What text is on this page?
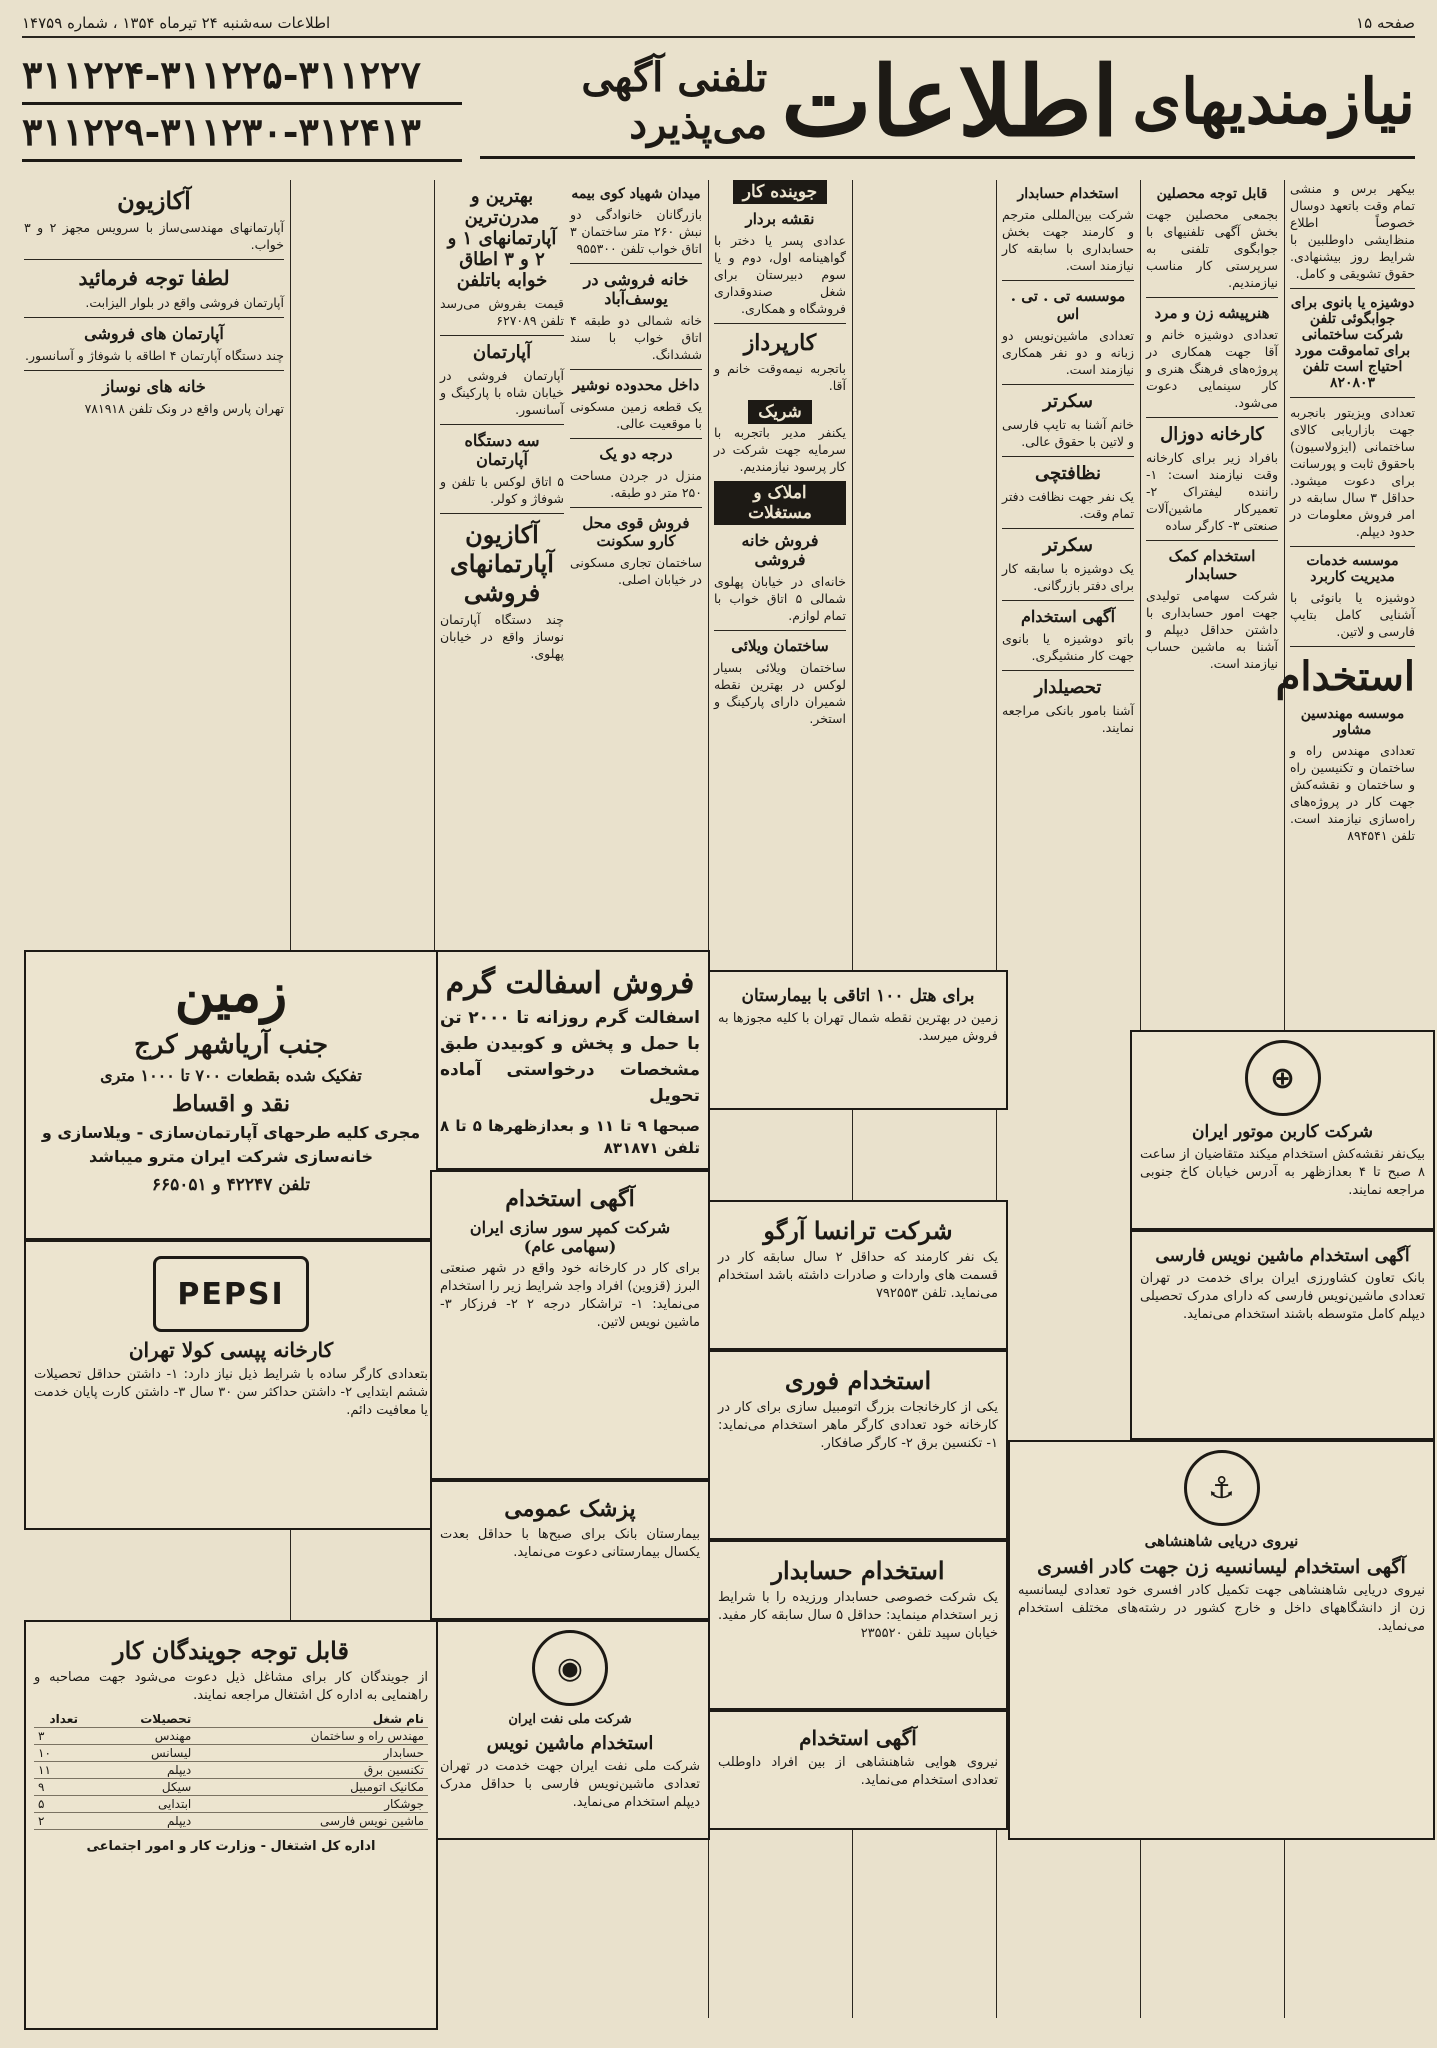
صفحه ۱۵
اطلاعات سه‌شنبه ۲۴ تیرماه ۱۳۵۴ ، شماره ۱۴۷۵۹
۳۱۱۲۲۴-۳۱۱۲۲۵-۳۱۱۲۲۷
۳۱۱۲۲۹-۳۱۱۲۳۰-۳۱۲۴۱۳	نیازمندیهای
اطلاعات
تلفنی آگهی می‌پذیرد

بیکهر برس و منشی تمام وقت باتعهد دوسال خصوصاً اطلاع منظ‌ایشی داوطلبین با شرایط روز بیشنهادی. حقوق تشویقی و کامل.

دوشیزه یا بانوی برای جوابگوئی تلفن شرکت ساختمانی برای تماموقت مورد احتیاج است تلفن ۸۲۰۸۰۳

تعدادی ویزیتور بانجربه جهت بازاریابی کالای ساختمانی (ایزولاسیون) باحقوق ثابت و پورسانت برای دعوت میشود. حداقل ۳ سال سابقه در امر فروش معلومات در حدود دیپلم.

موسسه خدمات مدیریت کاربرد

دوشیزه یا بانوئی با آشنایی کامل بتایپ فارسی و لاتین.

استخدام
موسسه مهندسین مشاور

تعدادی مهندس راه و ساختمان و تکنیسین راه و ساختمان و نقشه‌کش جهت کار در پروژه‌های راه‌سازی نیازمند است. تلفن ۸۹۴۵۴۱

قابل توجه محصلین

بجمعی محصلین جهت بخش آگهی تلفنیهای با جوابگوی تلفنی به سرپرستی کار مناسب نیازمندیم.

هنرپیشه زن و مرد

تعدادی دوشیزه خانم و آقا جهت همکاری در پروژه‌های فرهنگ هنری و کار سینمایی دعوت می‌شود.

کارخانه دوزال

بافراد زیر برای کارخانه وقت نیازمند است: ۱- راننده لیفتراک ۲- تعمیرکار ماشین‌آلات صنعتی ۳- کارگر ساده

استخدام کمک حسابدار

شرکت سهامی تولیدی جهت امور حسابداری با داشتن حداقل دیپلم و آشنا به ماشین حساب نیازمند است.

استخدام حسابدار

شرکت بین‌المللی مترجم و کارمند جهت بخش حسابداری با سابقه کار نیازمند است.

موسسه تی . تی . اس

تعدادی ماشین‌نویس دو زبانه و دو نفر همکاری نیازمند است.

سکرتر

خانم آشنا به تایپ فارسی و لاتین با حقوق عالی.

نظافتچی

یک نفر جهت نظافت دفتر تمام وقت.

سکرتر

یک دوشیزه با سابقه کار برای دفتر بازرگانی.

آگهی استخدام

باتو دوشیزه یا بانوی جهت کار منشیگری.

تحصیلدار

آشنا بامور بانکی مراجعه نمایند.

جوینده کار
نقشه بردار

عدادی پسر یا دختر با گواهینامه اول، دوم و یا سوم دبیرستان برای شغل صندوقداری فروشگاه و همکاری.

کارپرداز

باتجربه نیمه‌وقت خانم و آقا.

شریک

یکنفر مدیر باتجربه با سرمایه جهت شرکت در کار پرسود نیازمندیم.

املاک و مستغلات
فروش خانه فروشی

خانه‌ای در خیابان پهلوی شمالی ۵ اتاق خواب با تمام لوازم.

ساختمان ویلائی

ساختمان ویلائی بسیار لوکس در بهترین نقطه شمیران دارای پارکینگ و استخر.

میدان شهیاد کوی بیمه

بازرگانان خانوادگی دو نبش ۲۶۰ متر ساختمان ۳ اتاق خواب تلفن ۹۵۵۳۰۰

خانه فروشی در یوسف‌آباد

خانه شمالی دو طبقه ۴ اتاق خواب با سند ششدانگ.

داخل محدوده نوشیر

یک قطعه زمین مسکونی با موقعیت عالی.

درجه دو یک

منزل در جردن مساحت ۲۵۰ متر دو طبقه.

فروش قوی محل کارو سکونت

ساختمان تجاری مسکونی در خیابان اصلی.

بهترین و مدرن‌ترین آپارتمانهای ۱ و ۲ و ۳ اطاق خوابه باتلفن

قیمت بفروش می‌رسد تلفن ۶۲۷۰۸۹

آپارتمان

آپارتمان فروشی در خیابان شاه با پارکینگ و آسانسور.

سه دستگاه آپارتمان

۵ اتاق لوکس با تلفن و شوفاژ و کولر.

آکازیون آپارتمانهای فروشی

چند دستگاه آپارتمان نوساز واقع در خیابان پهلوی.

آکازیون

آپارتمانهای مهندسی‌ساز با سرویس مجهز ۲ و ۳ خواب.

لطفا توجه فرمائید

آپارتمان فروشی واقع در بلوار الیزابت.

آپارتمان های فروشی

چند دستگاه آپارتمان ۴ اطاقه با شوفاژ و آسانسور.

خانه های نوساز

تهران پارس واقع در ونک تلفن ۷۸۱۹۱۸

فروش اسفالت گرم

اسفالت گرم روزانه تا ۲۰۰۰ تن با حمل و پخش و کوبیدن طبق مشخصات درخواستی آماده تحویل

صبحها ۹ تا ۱۱ و بعدازظهرها ۵ تا ۸ تلفن ۸۳۱۸۷۱

زمین
جنب آریاشهر کرج
تفکیک شده بقطعات ۷۰۰ تا ۱۰۰۰ متری
نقد و اقساط

مجری کلیه طرحهای آپارتمان‌سازی - ویلاسازی و خانه‌سازی شرکت ایران مترو میباشد

تلفن ۴۲۲۴۷ و ۶۶۵۰۵۱
PEPSI
کارخانه پپسی کولا تهران

بتعدادی کارگر ساده با شرایط ذیل نیاز دارد: ۱- داشتن حداقل تحصیلات ششم ابتدایی ۲- داشتن حداکثر سن ۳۰ سال ۳- داشتن کارت پایان خدمت یا معافیت دائم.

آگهی استخدام
شرکت کمپر سور سازی ایران (سهامی عام)

برای کار در کارخانه خود واقع در شهر صنعتی البرز (قزوین) افراد واجد شرایط زیر را استخدام می‌نماید: ۱- تراشکار درجه ۲ ۲- فرزکار ۳- ماشین نویس لاتین.

پزشک عمومی

بیمارستان بانک برای صبح‌ها با حداقل بعدت یکسال بیمارستانی دعوت می‌نماید.

◉
شرکت ملی نفت ایران
استخدام ماشین نویس

شرکت ملی نفت ایران جهت خدمت در تهران تعدادی ماشین‌نویس فارسی با حداقل مدرک دیپلم استخدام می‌نماید.

برای هتل ۱۰۰ اتاقی با بیمارستان

زمین در بهترین نقطه شمال تهران با کلیه مجوزها به فروش میرسد.

شرکت ترانسا آرگو

یک نفر کارمند که حداقل ۲ سال سابقه کار در قسمت های واردات و صادرات داشته باشد استخدام می‌نماید. تلفن ۷۹۲۵۵۳

استخدام فوری

یکی از کارخانجات بزرگ اتومبیل سازی برای کار در کارخانه خود تعدادی کارگر ماهر استخدام می‌نماید: ۱- تکنسین برق ۲- کارگر صافکار.

استخدام حسابدار

یک شرکت خصوصی حسابدار ورزیده را با شرایط زیر استخدام مینماید: حداقل ۵ سال سابقه کار مفید. خیابان سپید تلفن ۲۳۵۵۲۰

آگهی استخدام

نیروی هوایی شاهنشاهی از بین افراد داوطلب تعدادی استخدام می‌نماید.

⊕
شرکت کاربن موتور ایران

بیک‌نفر نقشه‌کش استخدام میکند متقاضیان از ساعت ۸ صبح تا ۴ بعدازظهر به آدرس خیابان کاخ جنوبی مراجعه نمایند.

آگهی استخدام ماشین نویس فارسی

بانک تعاون کشاورزی ایران برای خدمت در تهران تعدادی ماشین‌نویس فارسی که دارای مدرک تحصیلی دیپلم کامل متوسطه باشند استخدام می‌نماید.

⚓
نیروی دریایی شاهنشاهی
آگهی استخدام لیسانسیه زن جهت کادر افسری

نیروی دریایی شاهنشاهی جهت تکمیل کادر افسری خود تعدادی لیسانسیه زن از دانشگاههای داخل و خارج کشور در رشته‌های مختلف استخدام می‌نماید.

قابل توجه جویندگان کار

از جویندگان کار برای مشاغل ذیل دعوت می‌شود جهت مصاحبه و راهنمایی به اداره کل اشتغال مراجعه نمایند.

نام شغل	تحصیلات	تعداد
مهندس راه و ساختمان	مهندس	۳
حسابدار	لیسانس	۱۰
تکنسین برق	دیپلم	۱۱
مکانیک اتومبیل	سیکل	۹
جوشکار	ابتدایی	۵
ماشین نویس فارسی	دیپلم	۲

اداره کل اشتغال - وزارت کار و امور اجتماعی
